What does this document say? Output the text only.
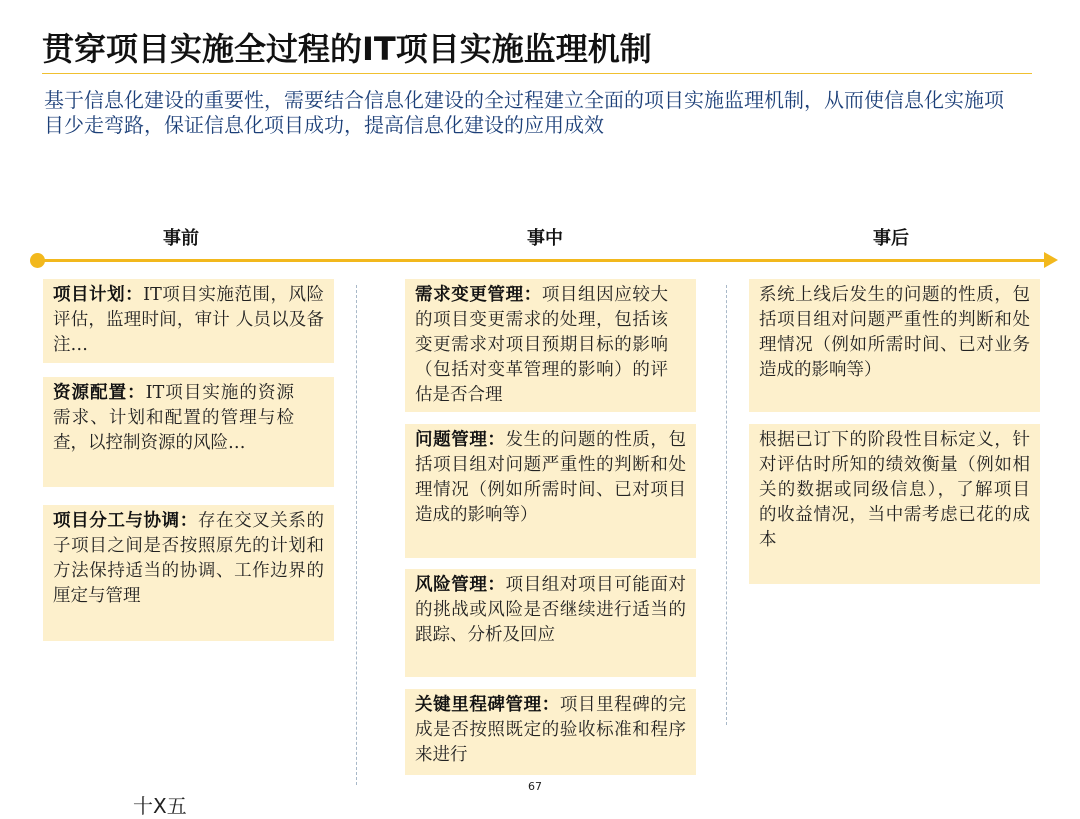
贯穿项目实施全过程的IT项目实施监理机制
基于信息化建设的重要性，需要结合信息化建设的全过程建立全面的项目实施监理机制，从而使信息化实施项目少走弯路，保证信息化项目成功，提高信息化建设的应用成效
事前	事中	事后
项目计划：IT项目实施范围，风险评估，监理时间，审计 人员以及备注…
资源配置：IT项目实施的资源需求、计划和配置的管理与检查，以控制资源的风险…
项目分工与协调：存在交叉关系的子项目之间是否按照原先的计划和方法保持适当的协调、工作边界的厘定与管理
需求变更管理：项目组因应较大的项目变更需求的处理，包括该变更需求对项目预期目标的影响（包括对变革管理的影响）的评估是否合理
问题管理：发生的问题的性质，包括项目组对问题严重性的判断和处理情况（例如所需时间、已对项目造成的影响等）
风险管理：项目组对项目可能面对的挑战或风险是否继续进行适当的跟踪、分析及回应
关键里程碑管理：项目里程碑的完成是否按照既定的验收标准和程序来进行
系统上线后发生的问题的性质，包括项目组对问题严重性的判断和处理情况（例如所需时间、已对业务造成的影响等）
根据已订下的阶段性目标定义，针对评估时所知的绩效衡量（例如相关的数据或同级信息），了解项目的收益情况，当中需考虑已花的成本
67
十X五
